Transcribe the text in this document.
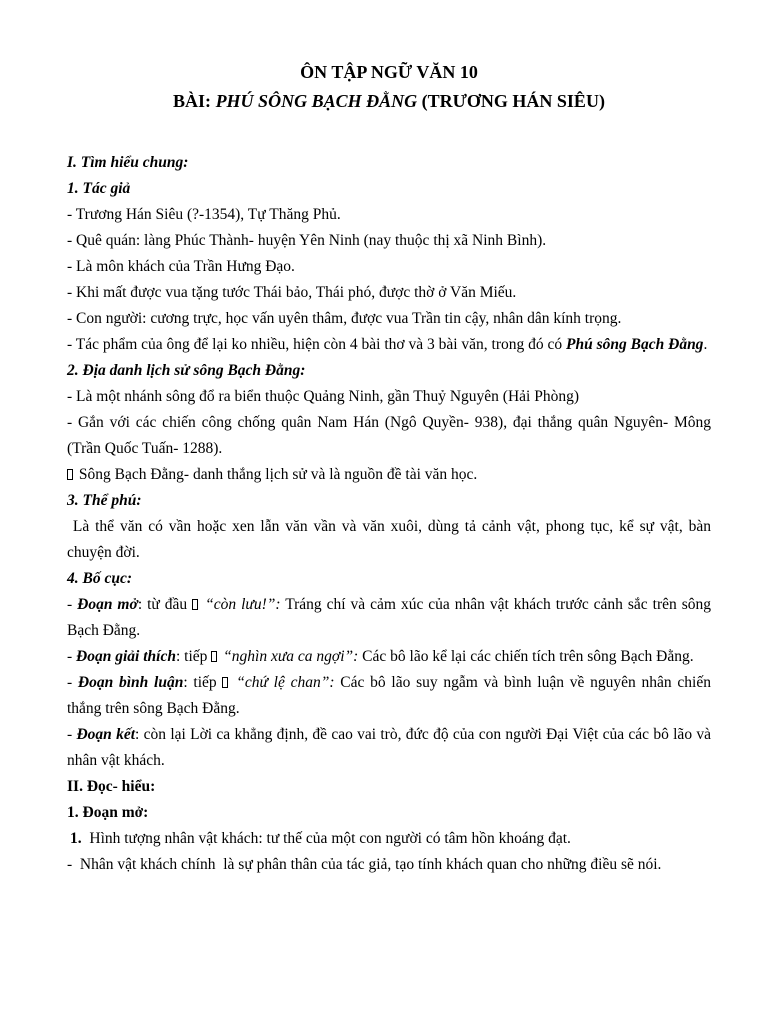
ÔN TẬP NGỮ VĂN 10
BÀI: PHÚ SÔNG BẠCH ĐẰNG (TRƯƠNG HÁN SIÊU)
I. Tìm hiểu chung:
1. Tác giả
- Trương Hán Siêu (?-1354), Tự Thăng Phủ.
- Quê quán: làng Phúc Thành- huyện Yên Ninh (nay thuộc thị xã Ninh Bình).
- Là môn khách của Trần Hưng Đạo.
- Khi mất được vua tặng tước Thái bảo, Thái phó, được thờ ở Văn Miếu.
- Con người: cương trực, học vấn uyên thâm, được vua Trần tin cậy, nhân dân kính trọng.
- Tác phẩm của ông để lại ko nhiều, hiện còn 4 bài thơ và 3 bài văn, trong đó có Phú sông Bạch Đằng.
2. Địa danh lịch sử sông Bạch Đằng:
- Là một nhánh sông đổ ra biển thuộc Quảng Ninh, gần Thuỷ Nguyên (Hải Phòng)
- Gắn với các chiến công chống quân Nam Hán (Ngô Quyền- 938), đại thắng quân Nguyên- Mông (Trần Quốc Tuấn- 1288).
Sông Bạch Đằng- danh thắng lịch sử và là nguồn đề tài văn học.
3. Thể phú:
Là thể văn có vần hoặc xen lẫn văn vần và văn xuôi, dùng tả cảnh vật, phong tục, kể sự vật, bàn chuyện đời.
4. Bố cục:
- Đoạn mở: từ đầu  “còn lưu!”: Tráng chí và cảm xúc của nhân vật khách trước cảnh sắc trên sông Bạch Đằng.
- Đoạn giải thích: tiếp  “nghìn xưa ca ngợi”: Các bô lão kể lại các chiến tích trên sông Bạch Đằng.
- Đoạn bình luận: tiếp  “chứ lệ chan”: Các bô lão suy ngẫm và bình luận về nguyên nhân chiến thắng trên sông Bạch Đằng.
- Đoạn kết: còn lại Lời ca khẳng định, đề cao vai trò, đức độ của con người Đại Việt của các bô lão và nhân vật khách.
II. Đọc- hiểu:
1. Đoạn mở:
1. Hình tượng nhân vật khách: tư thế của một con người có tâm hồn khoáng đạt.
-  Nhân vật khách chính  là sự phân thân của tác giả, tạo tính khách quan cho những điều sẽ nói.
